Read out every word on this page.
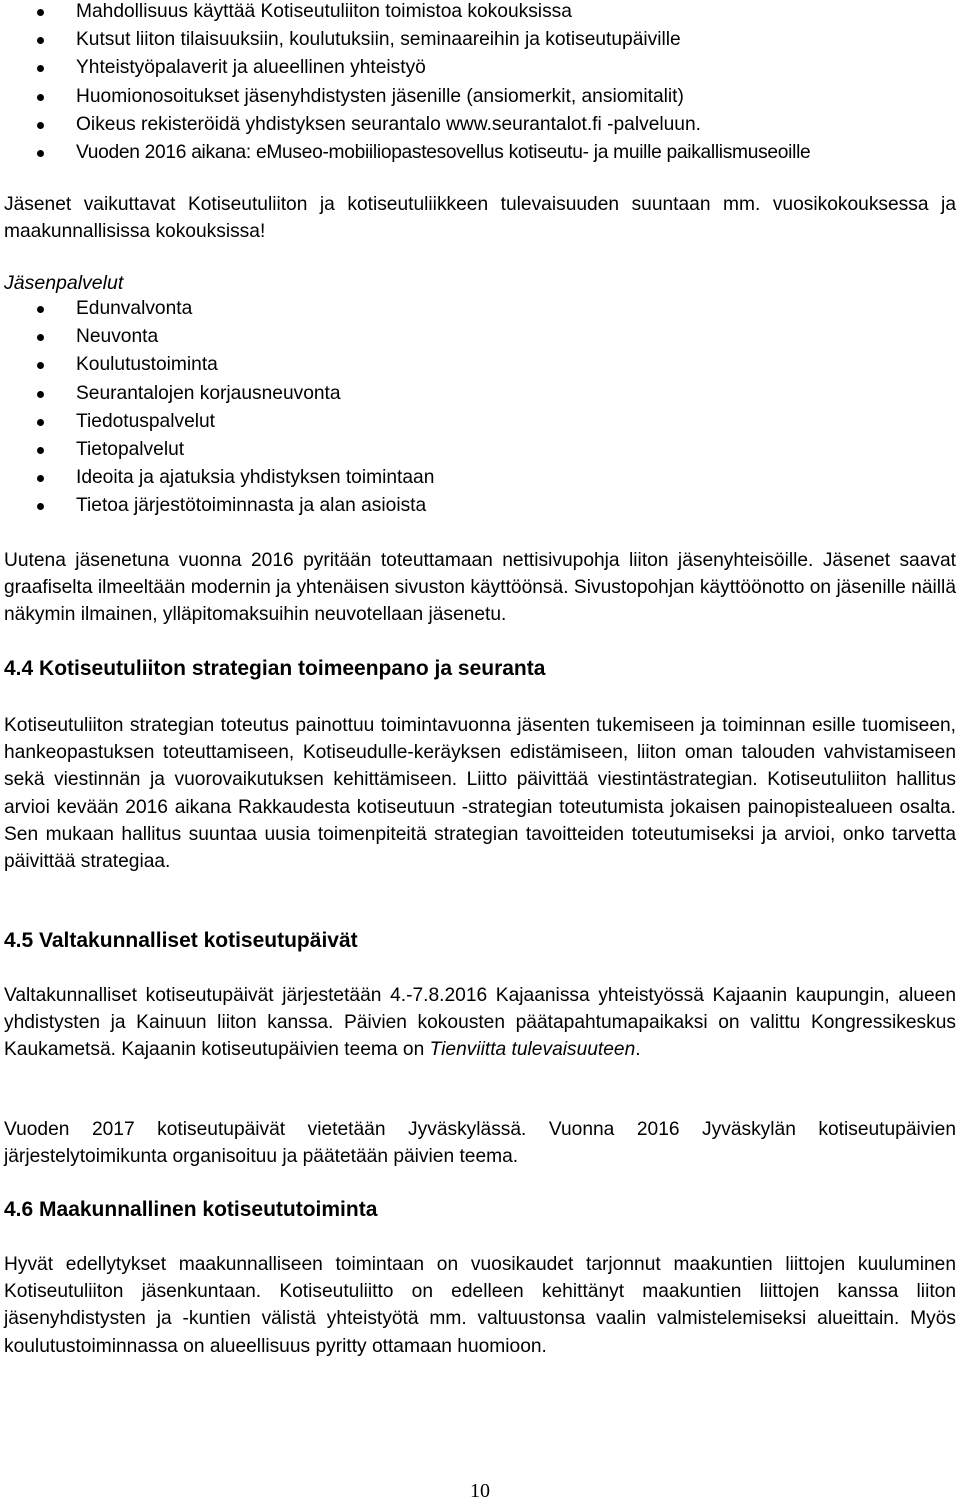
Mahdollisuus käyttää Kotiseutuliiton toimistoa kokouksissa
Kutsut liiton tilaisuuksiin, koulutuksiin, seminaareihin ja kotiseutupäiville
Yhteistyöpalaverit ja alueellinen yhteistyö
Huomionosoitukset jäsenyhdistysten jäsenille (ansiomerkit, ansiomitalit)
Oikeus rekisteröidä yhdistyksen seurantalo www.seurantalot.fi -palveluun.
Vuoden 2016 aikana: eMuseo-mobiiliopastesovellus kotiseutu- ja muille paikallismuseoille
Jäsenet vaikuttavat Kotiseutuliiton ja kotiseutuliikkeen tulevaisuuden suuntaan mm. vuosikokouksessa ja maakunnallisissa kokouksissa!
Jäsenpalvelut
Edunvalvonta
Neuvonta
Koulutustoiminta
Seurantalojen korjausneuvonta
Tiedotuspalvelut
Tietopalvelut
Ideoita ja ajatuksia yhdistyksen toimintaan
Tietoa järjestötoiminnasta ja alan asioista
Uutena jäsenetuna vuonna 2016 pyritään toteuttamaan nettisivupohja liiton jäsenyhteisöille. Jäsenet saavat graafiselta ilmeeltään modernin ja yhtenäisen sivuston käyttöönsä. Sivustopohjan käyttöönotto on jäsenille näillä näkymin ilmainen, ylläpitomaksuihin neuvotellaan jäsenetu.
4.4 Kotiseutuliiton strategian toimeenpano ja seuranta
Kotiseutuliiton strategian toteutus painottuu toimintavuonna jäsenten tukemiseen ja toiminnan esille tuomiseen, hankeopastuksen toteuttamiseen, Kotiseudulle-keräyksen edistämiseen, liiton oman talouden vahvistamiseen sekä viestinnän ja vuorovaikutuksen kehittämiseen. Liitto päivittää viestintästrategian. Kotiseutuliiton hallitus arvioi kevään 2016 aikana Rakkaudesta kotiseutuun -strategian toteutumista jokaisen painopistealueen osalta. Sen mukaan hallitus suuntaa uusia toimenpiteitä strategian tavoitteiden toteutumiseksi ja arvioi, onko tarvetta päivittää strategiaa.
4.5 Valtakunnalliset kotiseutupäivät
Valtakunnalliset kotiseutupäivät järjestetään 4.-7.8.2016 Kajaanissa yhteistyössä Kajaanin kaupungin, alueen yhdistysten ja Kainuun liiton kanssa. Päivien kokousten päätapahtumapaikaksi on valittu Kongressikeskus Kaukametsä. Kajaanin kotiseutupäivien teema on Tienviitta tulevaisuuteen.
Vuoden 2017 kotiseutupäivät vietetään Jyväskylässä. Vuonna 2016 Jyväskylän kotiseutupäivien järjestelytoimikunta organisoituu ja päätetään päivien teema.
4.6 Maakunnallinen kotiseututoiminta
Hyvät edellytykset maakunnalliseen toimintaan on vuosikaudet tarjonnut maakuntien liittojen kuuluminen Kotiseutuliiton jäsenkuntaan. Kotiseutuliitto on edelleen kehittänyt maakuntien liittojen kanssa liiton jäsenyhdistysten ja -kuntien välistä yhteistyötä mm. valtuustonsa vaalin valmistelemiseksi alueittain. Myös koulutustoiminnassa on alueellisuus pyritty ottamaan huomioon.
10
